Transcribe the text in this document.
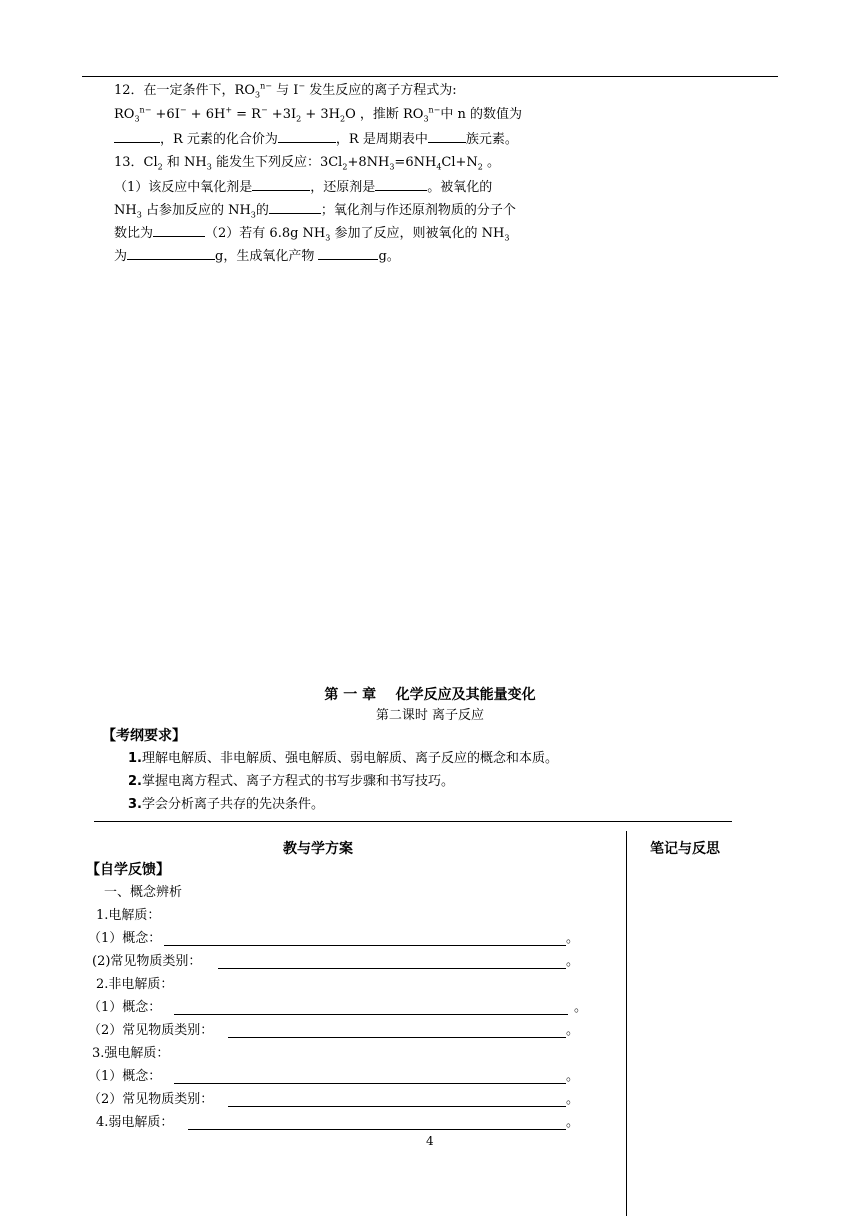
12．在一定条件下，$RO_3^{n-}$ 与 I− 发生反应的离子方程式为:
$RO_3^{n-} +6I^- + 6H^+ = R^- +3I_2 + 3H_2O$ ，推断 $RO_3^{n-}$中 n 的数值为
，R 元素的化合价为	，R 是周期表中	族元素。
13．$Cl_2$ 和 $NH_3$ 能发生下列反应：$3Cl_2+8NH_3=6NH_4Cl+N_2$ 。
（1）该反应中氧化剂是	，还原剂是	。被氧化的
$NH_3$ 占参加反应的 $NH_3$的	；氧化剂与作还原剂物质的分子个
数比为	（2）若有 6.8g $NH_3$ 参加了反应，则被氧化的 $NH_3$
为	g，生成氧化产物	g。
第 一 章    化学反应及其能量变化
第二课时 离子反应
【考纲要求】
1.理解电解质、非电解质、强电解质、弱电解质、离子反应的概念和本质。
2.掌握电离方程式、离子方程式的书写步骤和书写技巧。
3.学会分析离子共存的先决条件。
教与学方案	笔记与反思
【自学反馈】
一、概念辨析
1.电解质：
（1）概念：	。
(2)常见物质类别：	。
2.非电解质：
（1）概念：	。
（2）常见物质类别：	。
3.强电解质：
（1）概念：	。
（2）常见物质类别：	。
4.弱电解质：	。
4
